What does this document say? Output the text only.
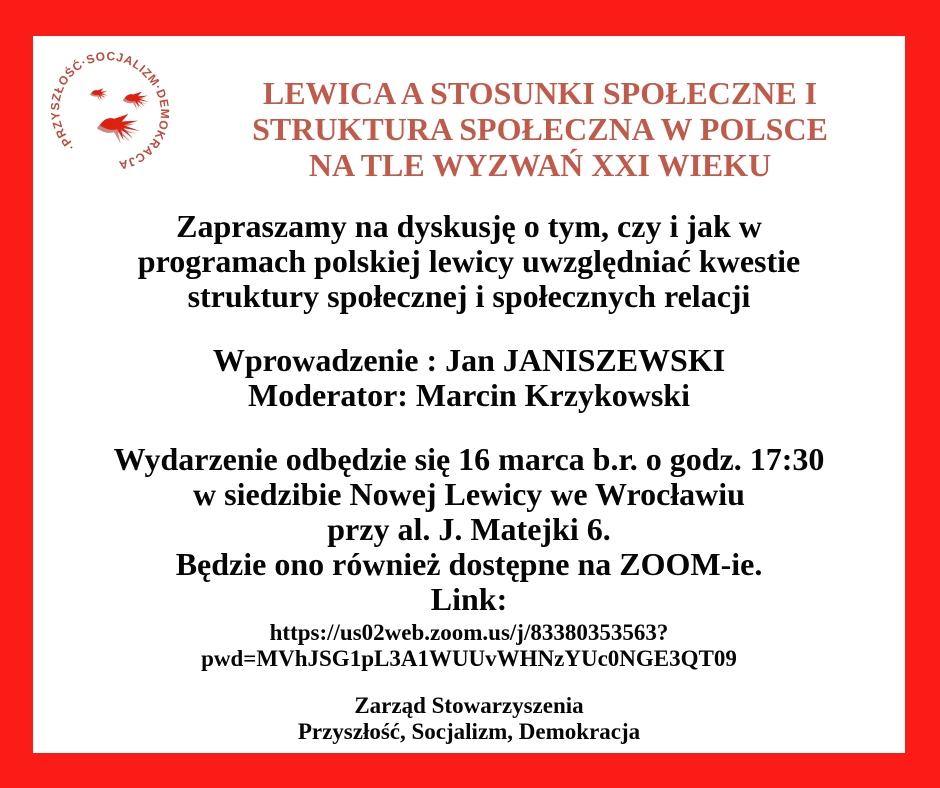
·PRZYSZŁOŚĆ·SOCJALIZM·DEMOKRACJA
LEWICA A STOSUNKI SPOŁECZNE I
STRUKTURA SPOŁECZNA W POLSCE
NA TLE WYZWAŃ XXI WIEKU
Zapraszamy na dyskusję o tym, czy i jak w
programach polskiej lewicy uwzględniać kwestie
struktury społecznej i społecznych relacji
Wprowadzenie : Jan JANISZEWSKI
Moderator: Marcin Krzykowski
Wydarzenie odbędzie się 16 marca b.r. o godz. 17:30
w siedzibie Nowej Lewicy we Wrocławiu
przy al. J. Matejki 6.
Będzie ono również dostępne na ZOOM-ie.
Link:
https://us02web.zoom.us/j/83380353563?
pwd=MVhJSG1pL3A1WUUvWHNzYUc0NGE3QT09
Zarząd Stowarzyszenia
Przyszłość, Socjalizm, Demokracja
